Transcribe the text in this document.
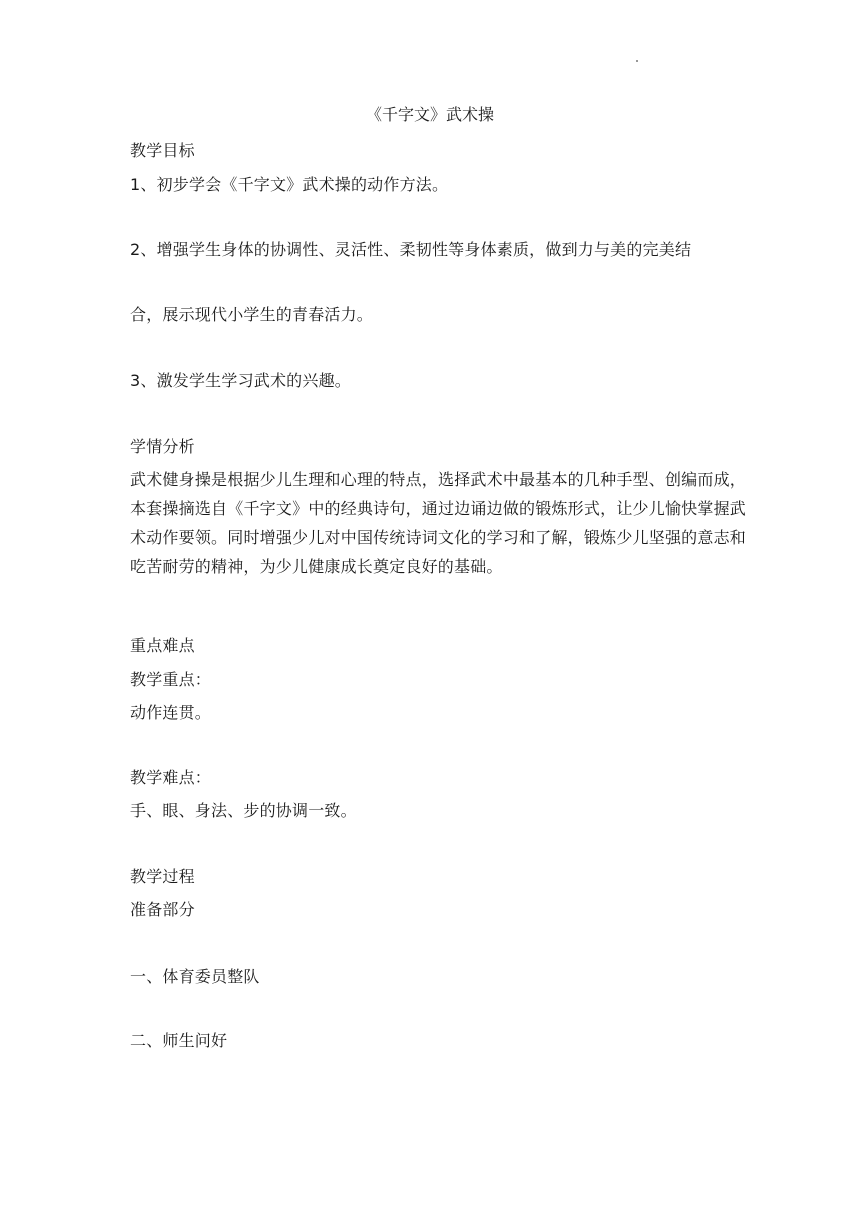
《千字文》武术操
教学目标
1、初步学会《千字文》武术操的动作方法。
2、增强学生身体的协调性、灵活性、柔韧性等身体素质，做到力与美的完美结
合，展示现代小学生的青春活力。
3、激发学生学习武术的兴趣。
学情分析
武术健身操是根据少儿生理和心理的特点，选择武术中最基本的几种手型、创编而成，本套操摘选自《千字文》中的经典诗句，通过边诵边做的锻炼形式，让少儿愉快掌握武术动作要领。同时增强少儿对中国传统诗词文化的学习和了解，锻炼少儿坚强的意志和吃苦耐劳的精神，为少儿健康成长奠定良好的基础。
重点难点
教学重点：
动作连贯。
教学难点：
手、眼、身法、步的协调一致。
教学过程
准备部分
一、体育委员整队
二、师生问好
